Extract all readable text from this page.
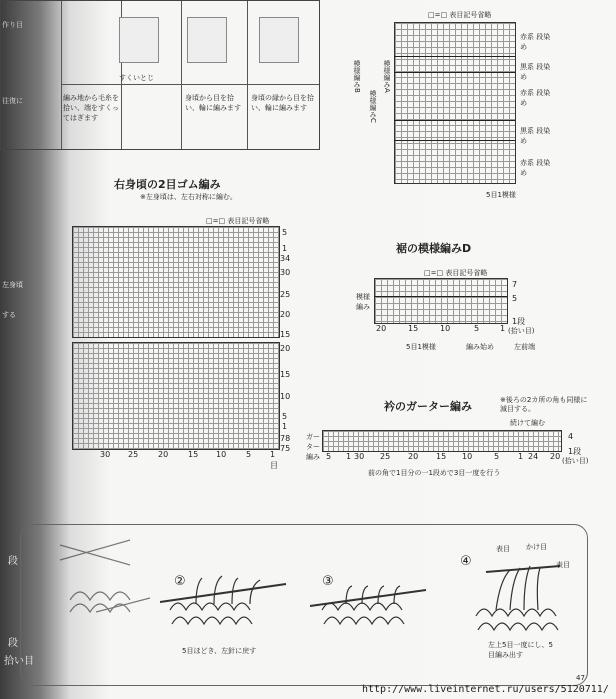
すくいとじ
編み地から毛糸を拾い、端をすくってはぎます
身頃から目を拾い、輪に編みます
身頃の縁から目を拾い、輪に編みます
作り目
往復に
左身頃
する
□=□ 表目記号省略
模様編みB
模様編みC
模様編みA
赤系 段染め
黒系 段染め
赤系 段染め
黒系 段染め
赤系 段染め
5目1模様
右身頃の2目ゴム編み
※左身頃は、左右対称に編む。
□=□ 表目記号省略
30 25 20 15 10 5 1
目
5
1
34
30
25
20
15
20
15
10
5
1
78
75
裾の模様編みD
□=□ 表目記号省略
模様編み
20	15	10	5	1
7
5
1段
(拾い目)
5目1模様	編み始め	左前端
衿のガーター編み	※後ろの2カ所の角も同様に減目する。
続けて編む
ガーター編み 5 1 30 25 20 15 10	5 1 24 20
4
1段
(拾い目)
前の角で1目分の一1段めで3目一度を行う
②	③
④
5目ほどき、左針に戻す
表目 かけ目
表目
左上5目一度にし、5目編み出す
段
段
拾い目
47
http://www.liveinternet.ru/users/5120711/
